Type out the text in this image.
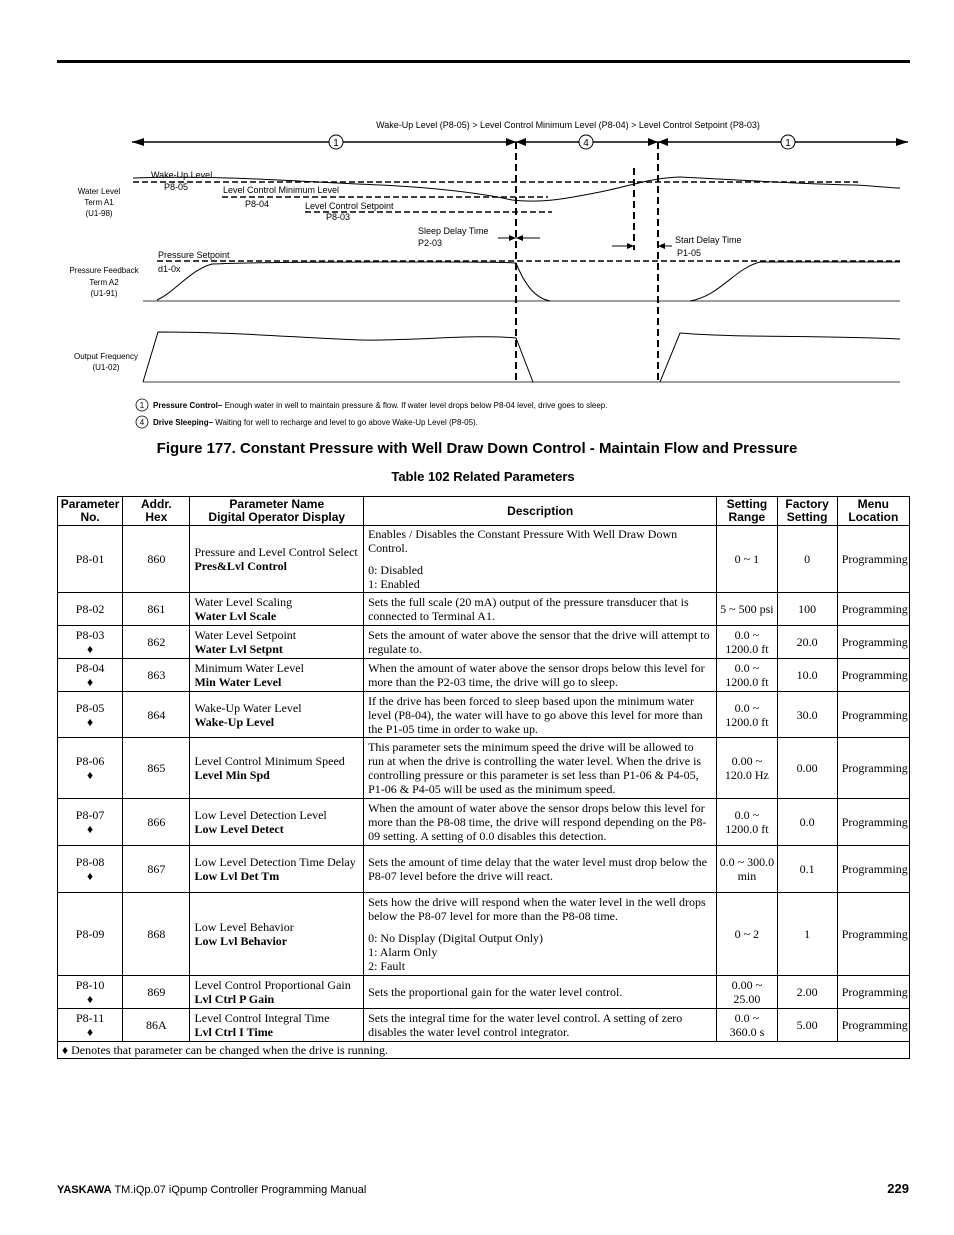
Wake-Up Level (P8-05) > Level Control Minimum Level (P8-04) > Level Control Setpoint (P8-03)
1	4	1
Water Level
Term A1
(U1-98)
Pressure Feedback
Term A2
(U1-91)
Output Frequency
(U1-02)
Wake-Up Level
P8-05	Level Control Minimum Level
P8-04	Level Control Setpoint
P8-03
Sleep Delay Time
P2-03	Start Delay Time
P1-05
Pressure Setpoint
d1-0x
1 Pressure Control– Enough water in well to maintain pressure & flow. If water level drops below P8-04 level, drive goes to sleep.
4 Drive Sleeping– Waiting for well to recharge and level to go above Wake-Up Level (P8-05).
Figure 177. Constant Pressure with Well Draw Down Control - Maintain Flow and Pressure
Table 102 Related Parameters
Parameter
No.	Addr.
Hex	Parameter Name
Digital Operator Display	Description	Setting
Range	Factory
Setting	Menu
Location

P8-01	860	Pressure and Level Control Select
Pres&Lvl Control	Enables / Disables the Constant Pressure With Well Draw Down Control.
0: Disabled
1: Enabled	0 ~ 1	0	Programming
P8-02	861	Water Level Scaling
Water Lvl Scale	Sets the full scale (20 mA) output of the pressure transducer that is connected to Terminal A1.	5 ~ 500 psi	100	Programming

P8-03
♦	862	Water Level Setpoint
Water Lvl Setpnt	Sets the amount of water above the sensor that the drive will attempt to regulate to.	0.0 ~ 1200.0 ft	20.0	Programming

P8-04
♦	863	Minimum Water Level
Min Water Level	When the amount of water above the sensor drops below this level for more than the P2-03 time, the drive will go to sleep.	0.0 ~ 1200.0 ft	10.0	Programming

P8-05
♦	864	Wake-Up Water Level
Wake-Up Level	If the drive has been forced to sleep based upon the minimum water level (P8-04), the water will have to go above this level for more than the P1-05 time in order to wake up.	0.0 ~ 1200.0 ft	30.0	Programming

P8-06
♦	865	Level Control Minimum Speed
Level Min Spd	This parameter sets the minimum speed the drive will be allowed to run at when the drive is controlling the water level. When the drive is controlling pressure or this parameter is set less than P1-06 & P4-05, P1-06 & P4-05 will be used as the minimum speed.	0.00 ~ 120.0 Hz	0.00	Programming

P8-07
♦	866	Low Level Detection Level
Low Level Detect	When the amount of water above the sensor drops below this level for more than the P8-08 time, the drive will respond depending on the P8-09 setting. A setting of 0.0 disables this detection.	0.0 ~ 1200.0 ft	0.0	Programming

P8-08
♦	867	Low Level Detection Time Delay
Low Lvl Det Tm	Sets the amount of time delay that the water level must drop below the P8-07 level before the drive will react.	0.0 ~ 300.0 min	0.1	Programming
P8-09	868	Low Level Behavior
Low Lvl Behavior	Sets how the drive will respond when the water level in the well drops below the P8-07 level for more than the P8-08 time.
0: No Display (Digital Output Only)
1: Alarm Only
2: Fault	0 ~ 2	1	Programming

P8-10
♦	869	Level Control Proportional Gain
Lvl Ctrl P Gain	Sets the proportional gain for the water level control.	0.00 ~ 25.00	2.00	Programming

P8-11
♦	86A	Level Control Integral Time
Lvl Ctrl I Time	Sets the integral time for the water level control. A setting of zero disables the water level control integrator.	0.0 ~ 360.0 s	5.00	Programming
♦ Denotes that parameter can be changed when the drive is running.						
YASKAWA TM.iQp.07 iQpump Controller Programming Manual	229
